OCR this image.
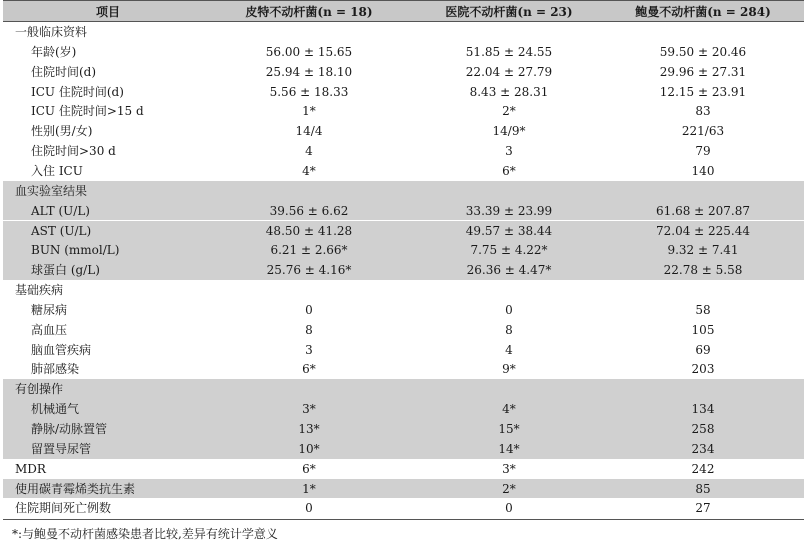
项目	皮特不动杆菌(n = 18)	医院不动杆菌(n = 23)	鲍曼不动杆菌(n = 284)
一般临床资料
年龄(岁)	56.00 ± 15.65	51.85 ± 24.55	59.50 ± 20.46
住院时间(d)	25.94 ± 18.10	22.04 ± 27.79	29.96 ± 27.31
ICU 住院时间(d)	5.56 ± 18.33	8.43 ± 28.31	12.15 ± 23.91
ICU 住院时间>15 d	1*	2*	83
性别(男/女)	14/4	14/9*	221/63
住院时间>30 d	4	3	79
入住 ICU	4*	6*	140
血实验室结果
ALT (U/L)	39.56 ± 6.62	33.39 ± 23.99	61.68 ± 207.87
AST (U/L)	48.50 ± 41.28	49.57 ± 38.44	72.04 ± 225.44
BUN (mmol/L)	6.21 ± 2.66*	7.75 ± 4.22*	9.32 ± 7.41
球蛋白 (g/L)	25.76 ± 4.16*	26.36 ± 4.47*	22.78 ± 5.58
基础疾病
糖尿病	0	0	58
高血压	8	8	105
脑血管疾病	3	4	69
肺部感染	6*	9*	203
有创操作
机械通气	3*	4*	134
静脉/动脉置管	13*	15*	258
留置导尿管	10*	14*	234
MDR	6*	3*	242
使用碳青霉烯类抗生素	1*	2*	85
住院期间死亡例数	0	0	27
*:与鲍曼不动杆菌感染患者比较,差异有统计学意义
